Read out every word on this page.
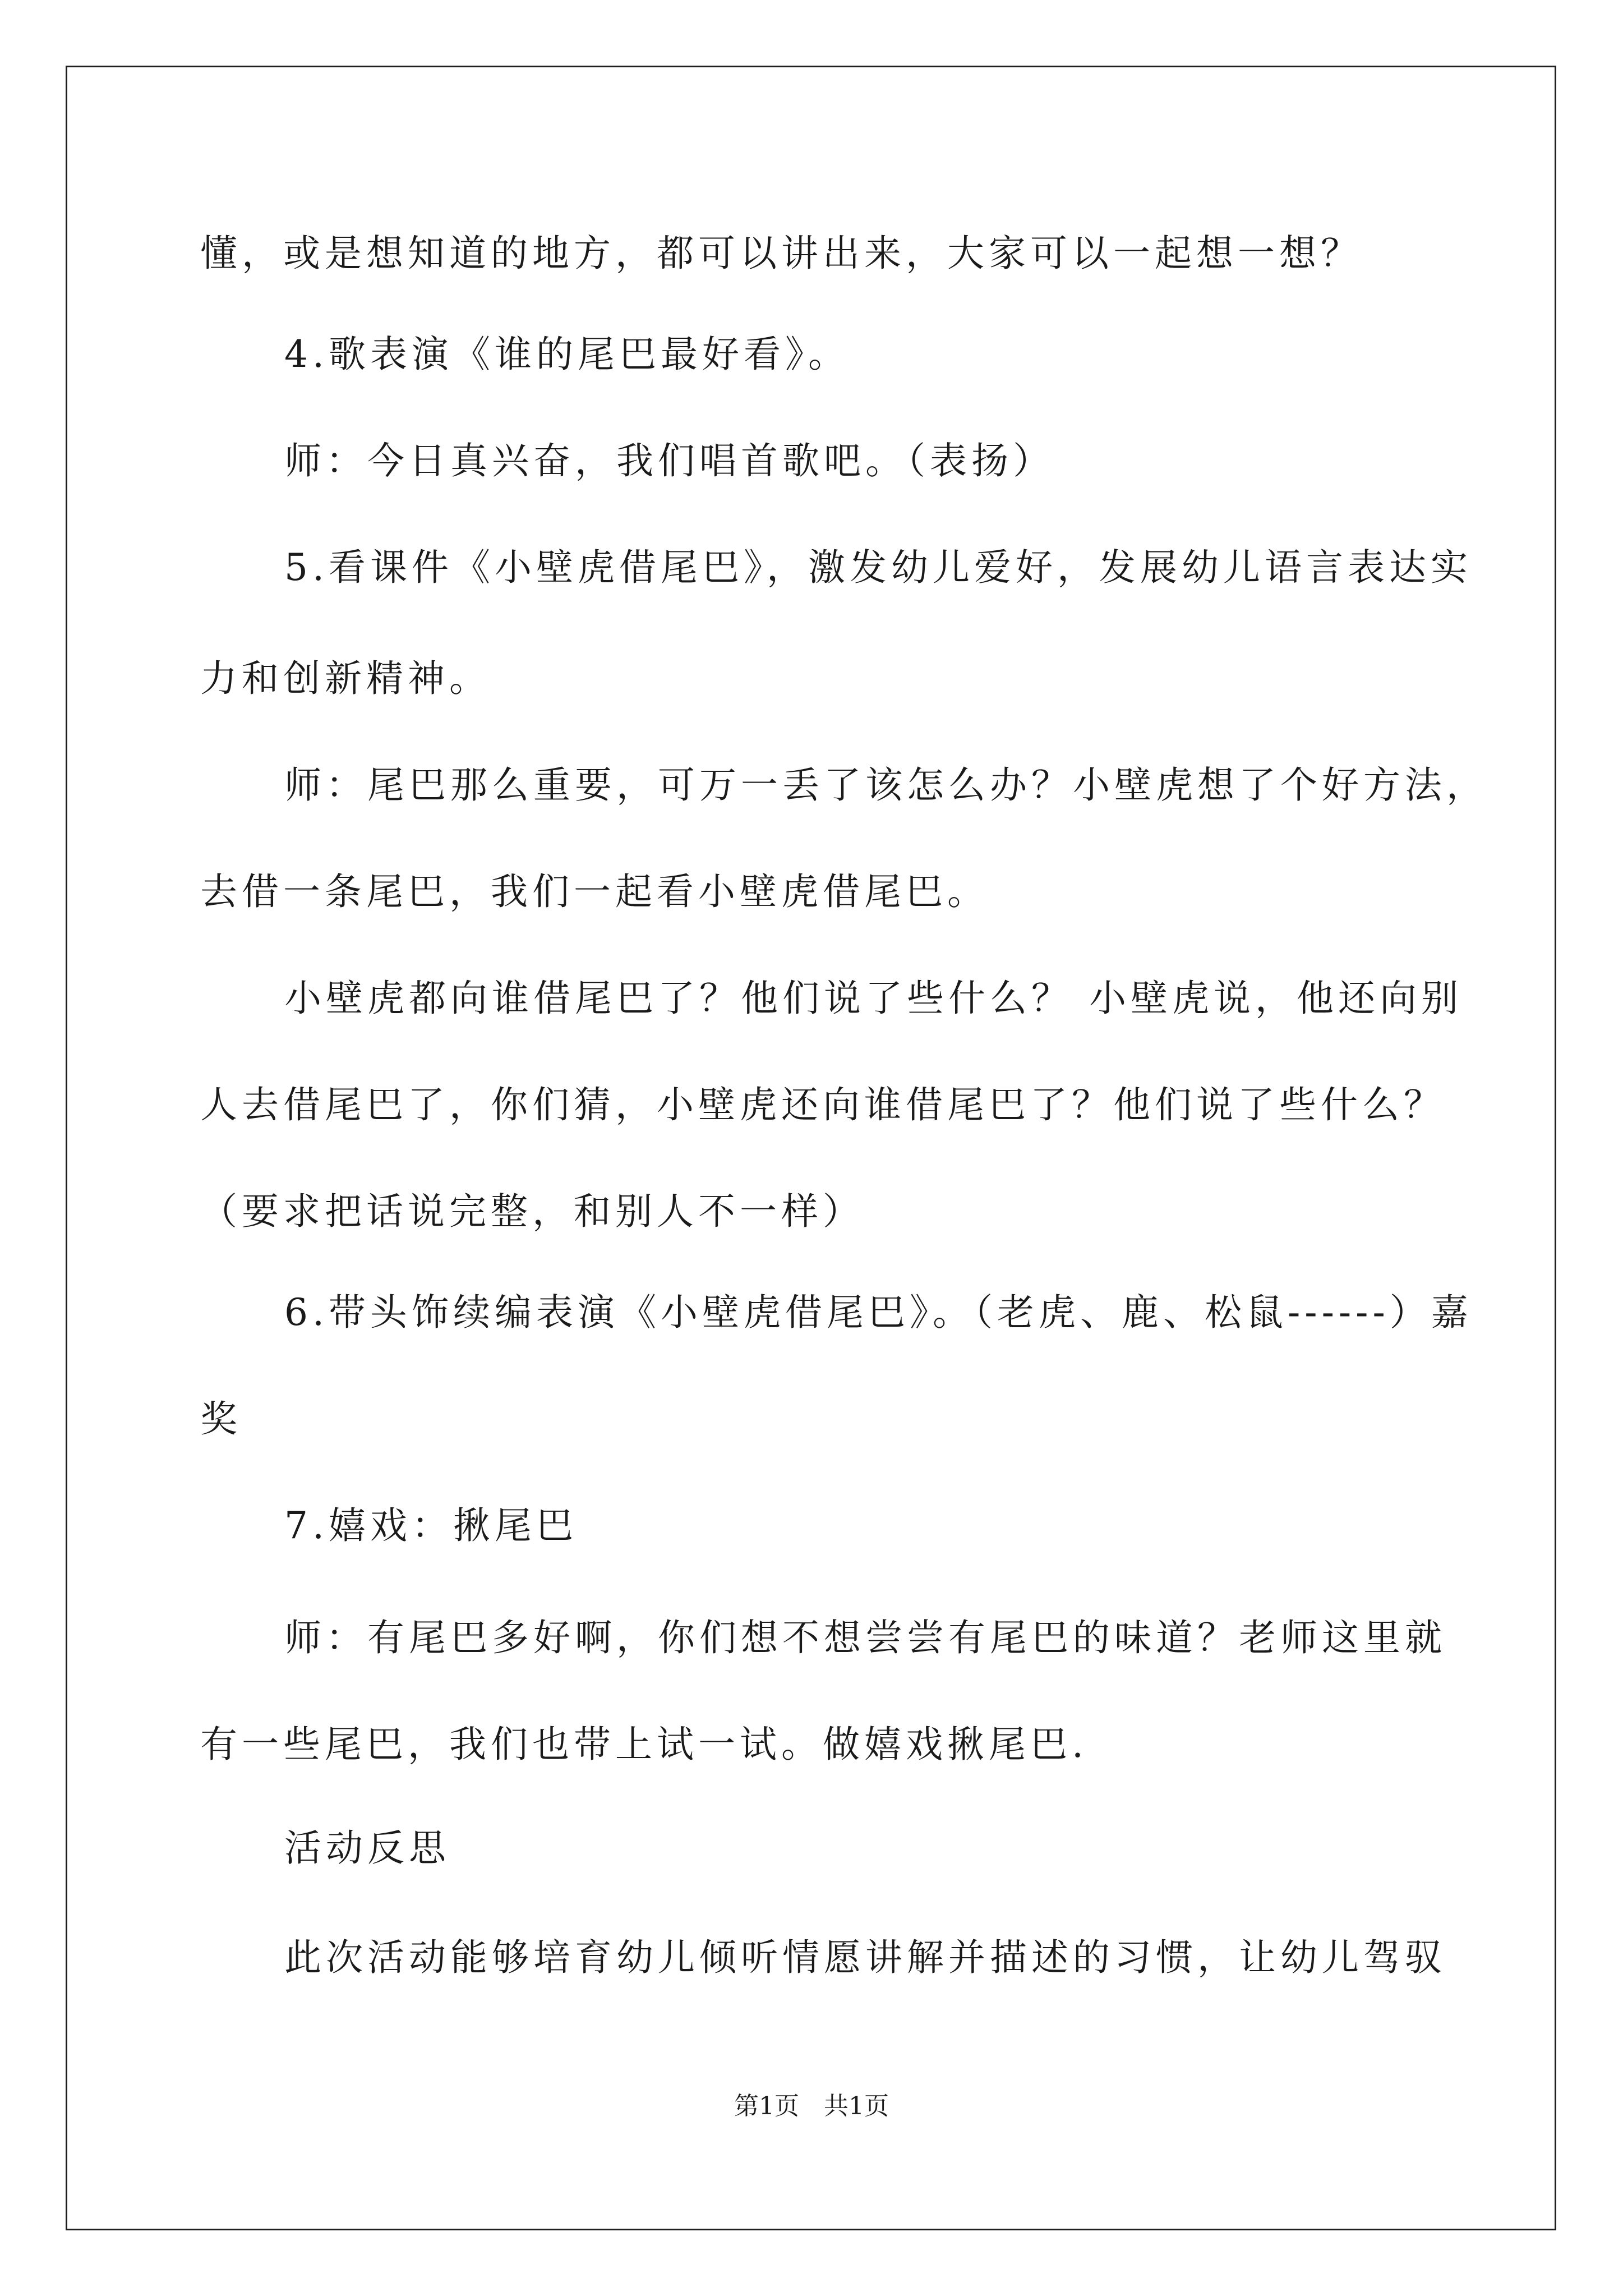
懂，或是想知道的地方，都可以讲出来，大家可以一起想一想？
4.歌表演《谁的尾巴最好看》。
师：今日真兴奋，我们唱首歌吧。（表扬）
5.看课件《小壁虎借尾巴》，激发幼儿爱好，发展幼儿语言表达实
力和创新精神。
师：尾巴那么重要，可万一丢了该怎么办？小壁虎想了个好方法，
去借一条尾巴，我们一起看小壁虎借尾巴。
小壁虎都向谁借尾巴了？他们说了些什么？ 小壁虎说，他还向别
人去借尾巴了，你们猜，小壁虎还向谁借尾巴了？他们说了些什么？
（要求把话说完整，和别人不一样）
6.带头饰续编表演《小壁虎借尾巴》。（老虎、鹿、松鼠------）嘉
奖
7.嬉戏：揪尾巴
师：有尾巴多好啊，你们想不想尝尝有尾巴的味道？老师这里就
有一些尾巴，我们也带上试一试。做嬉戏揪尾巴.
活动反思
此次活动能够培育幼儿倾听情愿讲解并描述的习惯，让幼儿驾驭
第1页　共1页
